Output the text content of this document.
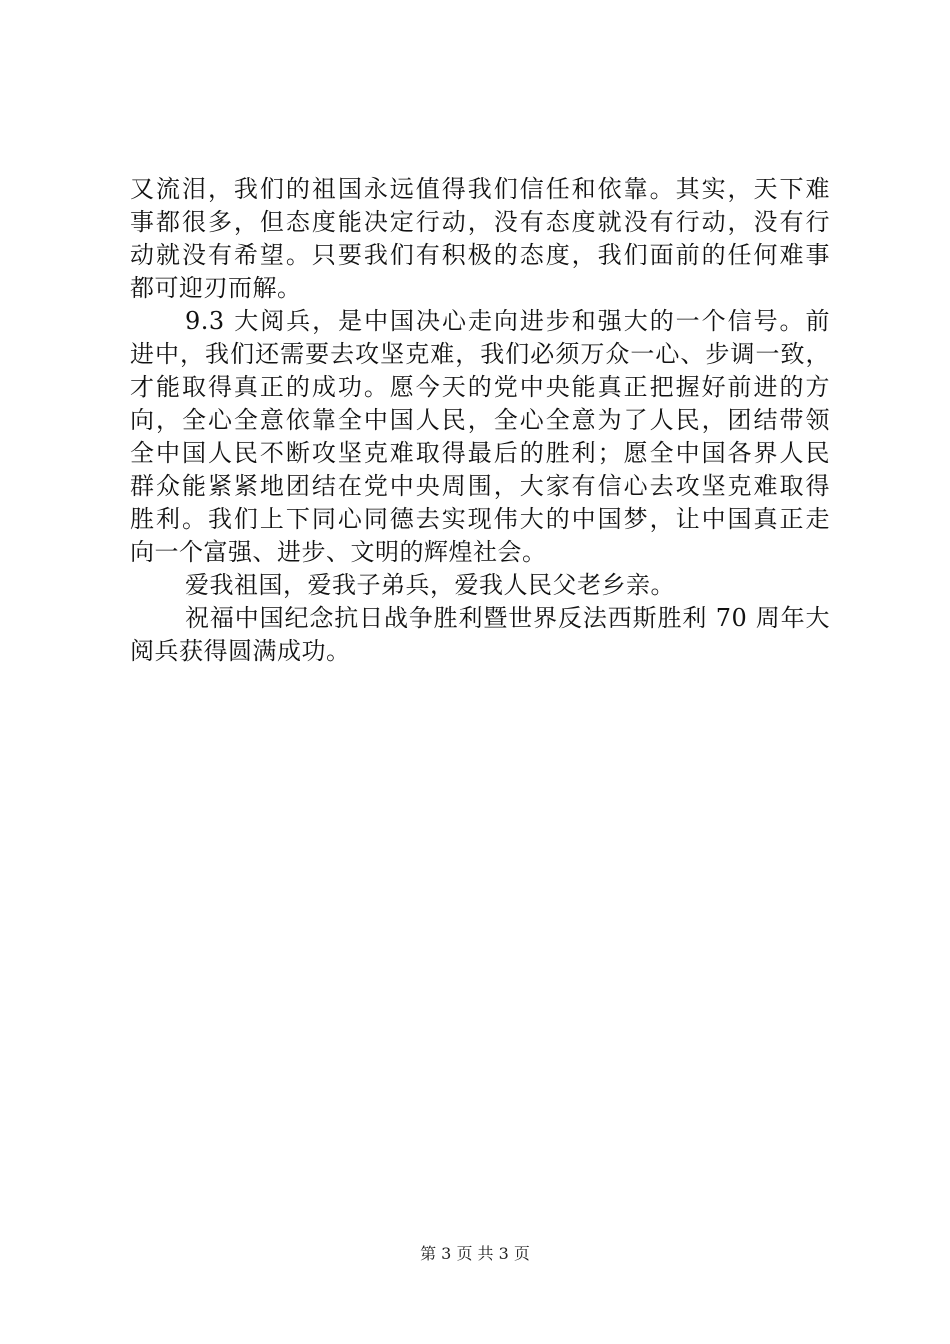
又流泪，我们的祖国永远值得我们信任和依靠。其实，天下难
事都很多，但态度能决定行动，没有态度就没有行动，没有行
动就没有希望。只要我们有积极的态度，我们面前的任何难事
都可迎刃而解。
9.3 大阅兵，是中国决心走向进步和强大的一个信号。前
进中，我们还需要去攻坚克难，我们必须万众一心、步调一致，
才能取得真正的成功。愿今天的党中央能真正把握好前进的方
向，全心全意依靠全中国人民，全心全意为了人民，团结带领
全中国人民不断攻坚克难取得最后的胜利；愿全中国各界人民
群众能紧紧地团结在党中央周围，大家有信心去攻坚克难取得
胜利。我们上下同心同德去实现伟大的中国梦，让中国真正走
向一个富强、进步、文明的辉煌社会。
爱我祖国，爱我子弟兵，爱我人民父老乡亲。
祝福中国纪念抗日战争胜利暨世界反法西斯胜利 70 周年大
阅兵获得圆满成功。
第 3 页 共 3 页
